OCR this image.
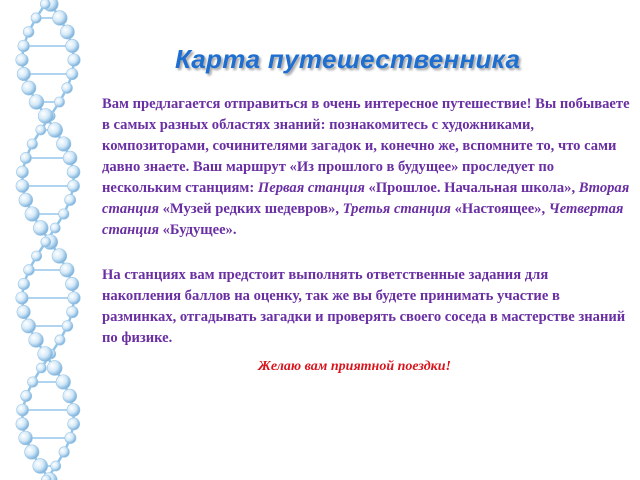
Карта путешественника

Вам предлагается отправиться в очень интересное путешествие! Вы побываете в самых разных областях знаний: познакомитесь с художниками, композиторами, сочинителями загадок и, конечно же, вспомните то, что сами давно знаете. Ваш маршрут «Из прошлого в будущее» проследует по нескольким станциям: Первая станция «Прошлое. Начальная школа», Вторая станция «Музей редких шедевров», Третья станция «Настоящее», Четвертая станция «Будущее».

На станциях вам предстоит выполнять ответственные задания для накопления баллов на оценку, так же вы будете принимать участие в разминках, отгадывать загадки и проверять своего соседа в мастерстве знаний по физике.

Желаю вам приятной поездки!
